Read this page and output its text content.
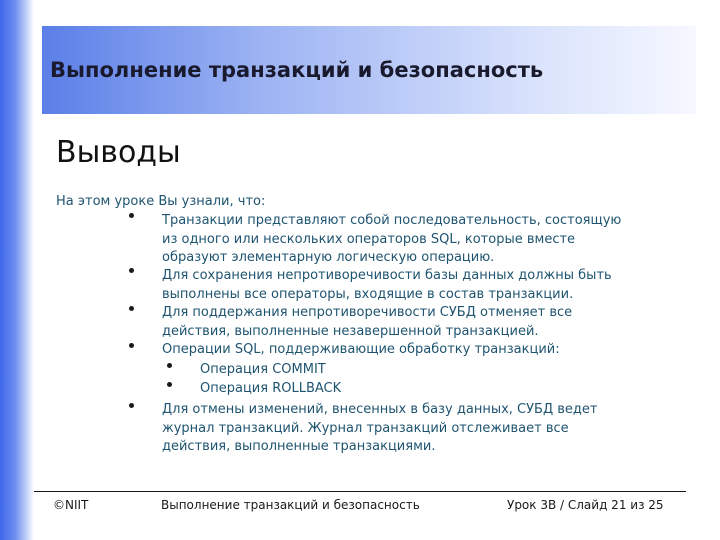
Выполнение транзакций и безопасность
Выводы

На этом уроке Вы узнали, что:

Транзакции представляют собой последовательность, состоящую
из одного или нескольких операторов SQL, которые вместе
образуют элементарную логическую операцию.
Для сохранения непротиворечивости базы данных должны быть
выполнены все операторы, входящие в состав транзакции.
Для поддержания непротиворечивости СУБД отменяет все
действия, выполненные незавершенной транзакцией.
Операции SQL, поддерживающие обработку транзакций:
Операция COMMIT
Операция ROLLBACK
Для отмены изменений, внесенных в базу данных, СУБД ведет
журнал транзакций. Журнал транзакций отслеживает все
действия, выполненные транзакциями.
©NIIT	Выполнение транзакций и безопасность	Урок 3В / Слайд 21 из 25
